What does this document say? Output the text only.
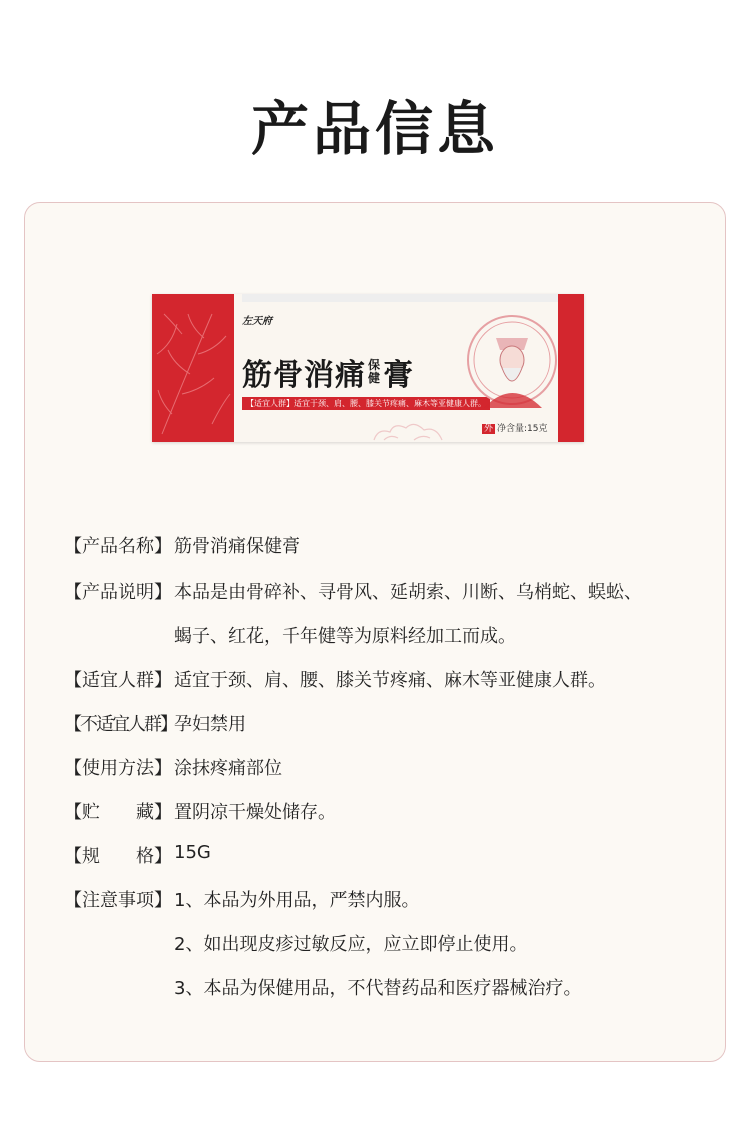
产品信息
左天府
筋骨消痛 保
健 膏
【适宜人群】适宜于颈、肩、腰、膝关节疼痛、麻木等亚健康人群。
外 净含量:15克
【产品名称】 筋骨消痛保健膏
【产品说明】 本品是由骨碎补、寻骨风、延胡索、川断、乌梢蛇、蜈蚣、
蝎子、红花，千年健等为原料经加工而成。
【适宜人群】 适宜于颈、肩、腰、膝关节疼痛、麻木等亚健康人群。
【不适宜人群】
孕妇禁用
【使用方法】 涂抹疼痛部位
【贮　　藏】 置阴凉干燥处储存。
【规　　格】 15G
【注意事项】 1、本品为外用品，严禁内服。
2、如出现皮疹过敏反应，应立即停止使用。
3、本品为保健用品，不代替药品和医疗器械治疗。
